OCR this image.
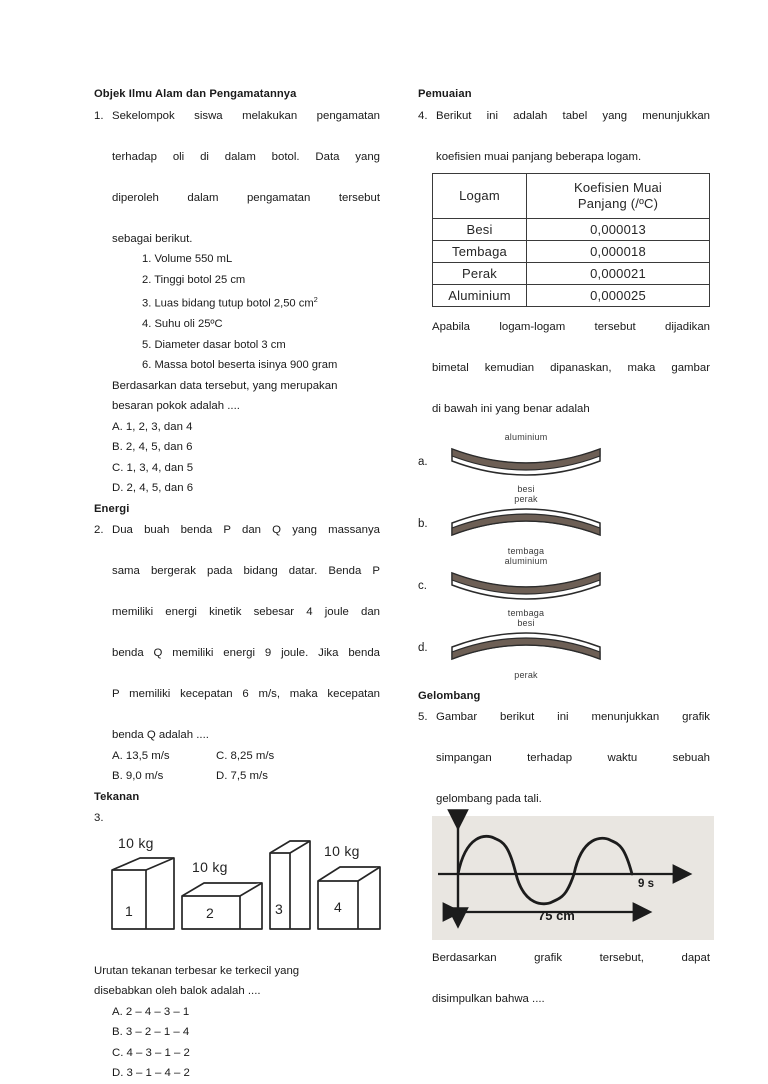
Objek Ilmu Alam dan Pengamatannya
1. Sekelompok siswa melakukan pengamatan
terhadap oli di dalam botol. Data yang
diperoleh dalam pengamatan tersebut
sebagai berikut.
1. Volume 550 mL
2. Tinggi botol 25 cm
3. Luas bidang tutup botol 2,50 $cm^2$
4. Suhu oli 25ºC
5. Diameter dasar botol 3 cm
6. Massa botol beserta isinya 900 gram
Berdasarkan data tersebut, yang merupakan
besaran pokok adalah ....
A. 1, 2, 3, dan 4
B. 2, 4, 5, dan 6
C. 1, 3, 4, dan 5
D. 2, 4, 5, dan 6
Energi
2. Dua buah benda P dan Q yang massanya
sama bergerak pada bidang datar. Benda P
memiliki energi kinetik sebesar 4 joule dan
benda Q memiliki energi 9 joule. Jika benda
P memiliki kecepatan 6 m/s, maka kecepatan
benda Q adalah ....
A. 13,5 m/s	C. 8,25 m/s
B. 9,0 m/s	D. 7,5 m/s
Tekanan
3.
10 kg
10 kg
10 kg
1	2	3	4
Urutan tekanan terbesar ke terkecil yang
disebabkan oleh balok adalah ....
A. 2 – 4 – 3 – 1
B. 3 – 2 – 1 – 4
C. 4 – 3 – 1 – 2
D. 3 – 1 – 4 – 2
Pemuaian
4. Berikut ini adalah tabel yang menunjukkan
koefisien muai panjang beberapa logam.
Logam	Koefisien Muai
Panjang (/ºC)

Besi	0,000013
Tembaga	0,000018
Perak	0,000021
Aluminium	0,000025
Apabila logam-logam tersebut dijadikan
bimetal kemudian dipanaskan, maka gambar
di bawah ini yang benar adalah
a.
aluminium
besi
b.
perak
tembaga
c.
aluminium
tembaga
d.
besi
perak
Gelombang
5. Gambar berikut ini menunjukkan grafik
simpangan terhadap waktu sebuah
gelombang pada tali.
9 s
75 cm
Berdasarkan grafik tersebut, dapat
disimpulkan bahwa ....
